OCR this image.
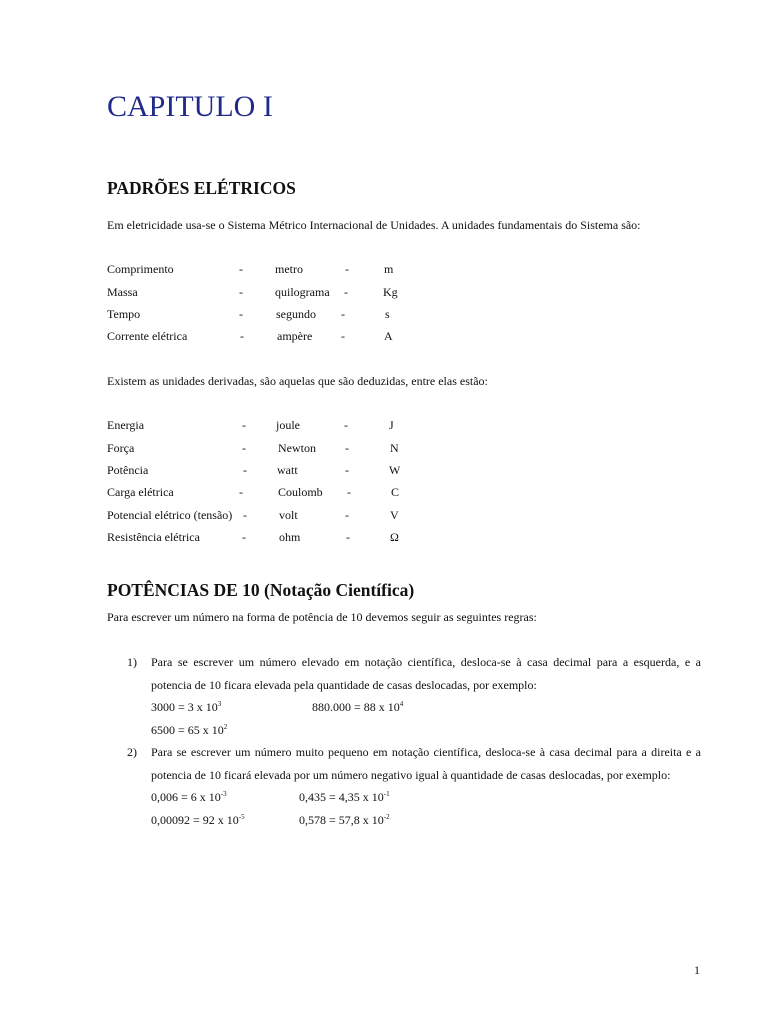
CAPITULO I
PADRÕES ELÉTRICOS
Em eletricidade usa-se o Sistema Métrico Internacional de Unidades. A unidades fundamentais do Sistema são:
Comprimento	-	metro	-	m
Massa	-	quilograma -	Kg
Tempo	-	segundo -	s
Corrente elétrica	-	ampère -	A
Existem as unidades derivadas, são aquelas que são deduzidas, entre elas estão:
Energia	-	joule	-	J
Força	-	Newton -	N
Potência	-	watt	-	W
Carga elétrica	-	Coulomb -	C
Potencial elétrico (tensão) -	volt	-	V
Resistência elétrica	-	ohm	-	Ω
POTÊNCIAS DE 10 (Notação Científica)
Para escrever um número na forma de potência de 10 devemos seguir as seguintes regras:
1) Para se escrever um número elevado em notação científica, desloca-se à casa decimal para a esquerda, e a potencia de 10 ficara elevada pela quantidade de casas deslocadas, por exemplo:
3000 = 3 x $10^3$	880.000 = 88 x $10^4$
6500 = 65 x $10^2$
2) Para se escrever um número muito pequeno em notação científica, desloca-se à casa decimal para a direita e a potencia de 10 ficará elevada por um número negativo igual à quantidade de casas deslocadas, por exemplo:
0,006 = 6 x $10^{-3}$	0,435 = 4,35 x $10^{-1}$
0,00092 = 92 x $10^{-5}$	0,578 = 57,8 x $10^{-2}$
1
